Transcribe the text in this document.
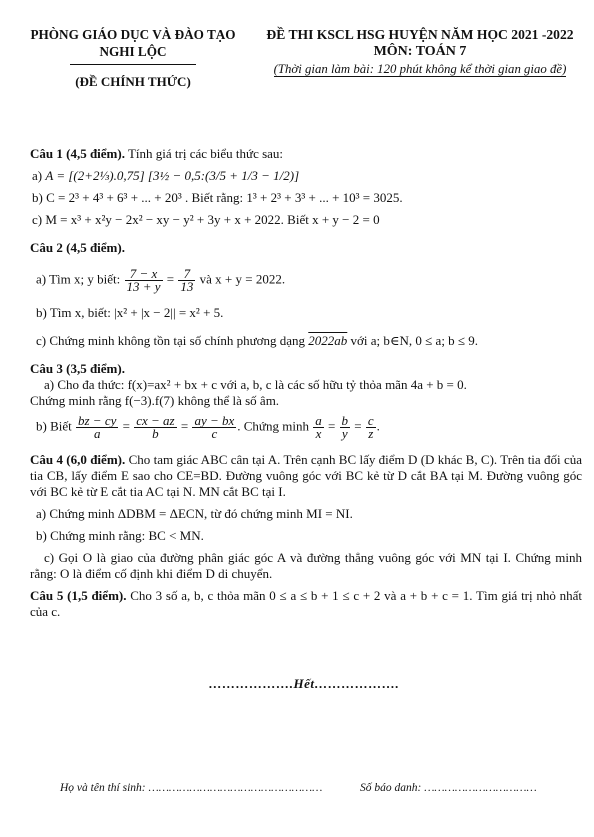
PHÒNG GIÁO DỤC VÀ ĐÀO TẠO
NGHI LỘC
(ĐỀ CHÍNH THỨC)
ĐỀ THI KSCL HSG HUYỆN NĂM HỌC 2021 -2022
MÔN: TOÁN 7
(Thời gian làm bài: 120 phút không kể thời gian giao đề)

Câu 1 (4,5 điểm). Tính giá trị các biểu thức sau:

a) A = [(2+2⅓).0,75] [3½ − 0,5:(3/5 + 1/3 − 1/2)]

b) C = 2³ + 4³ + 6³ + ... + 20³ . Biết rằng: 1³ + 2³ + 3³ + ... + 10³ = 3025.

c) M = x³ + x²y − 2x² − xy − y² + 3y + x + 2022. Biết x + y − 2 = 0

Câu 2 (4,5 điểm).

a) Tìm x; y biết: $\frac{7 - x}{13 + y} = \frac{7}{13}$ và x + y = 2022.

b) Tìm x, biết: |x² + |x − 2|| = x² + 5.

c) Chứng minh không tồn tại số chính phương dạng 2022ab với a; b∈N, 0 ≤ a; b ≤ 9.

Câu 3 (3,5 điểm).

a) Cho đa thức: f(x)=ax² + bx + c với a, b, c là các số hữu tỷ thỏa mãn 4a + b = 0.

Chứng minh rằng f(−3).f(7) không thể là số âm.

b) Biết $\frac{bz - cy}{a} = \frac{cx - az}{b} = \frac{ay - bx}{c}$ . Chứng minh $\frac{a}{x} = \frac{b}{y} = \frac{c}{z}$ .

Câu 4 (6,0 điểm). Cho tam giác ABC cân tại A. Trên cạnh BC lấy điểm D (D khác B, C). Trên tia đối của tia CB, lấy điểm E sao cho CE=BD. Đường vuông góc với BC kẻ từ D cắt BA tại M. Đường vuông góc với BC kẻ từ E cắt tia AC tại N. MN cắt BC tại I.

a) Chứng minh ΔDBM = ΔECN, từ đó chứng minh MI = NI.

b) Chứng minh rằng: BC < MN.

c) Gọi O là giao của đường phân giác góc A và đường thẳng vuông góc với MN tại I. Chứng minh rằng: O là điểm cố định khi điểm D di chuyển.

Câu 5 (1,5 điểm). Cho 3 số a, b, c thỏa mãn 0 ≤ a ≤ b + 1 ≤ c + 2 và a + b + c = 1. Tìm giá trị nhỏ nhất của c.

……………….Hết……………….
Họ và tên thí sinh: ……………………………………………	Số báo danh: ……………………………
